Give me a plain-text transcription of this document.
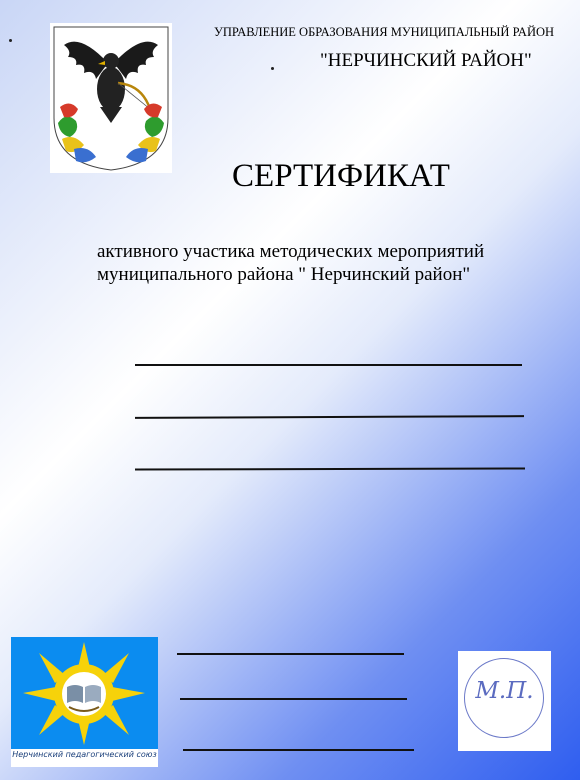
УПРАВЛЕНИЕ ОБРАЗОВАНИЯ МУНИЦИПАЛЬНЫЙ РАЙОН
"НЕРЧИНСКИЙ РАЙОН"
СЕРТИФИКАТ
активного участика методических мероприятий
муниципального района " Нерчинский район"
Нерчинский педагогический союз
М.П.
